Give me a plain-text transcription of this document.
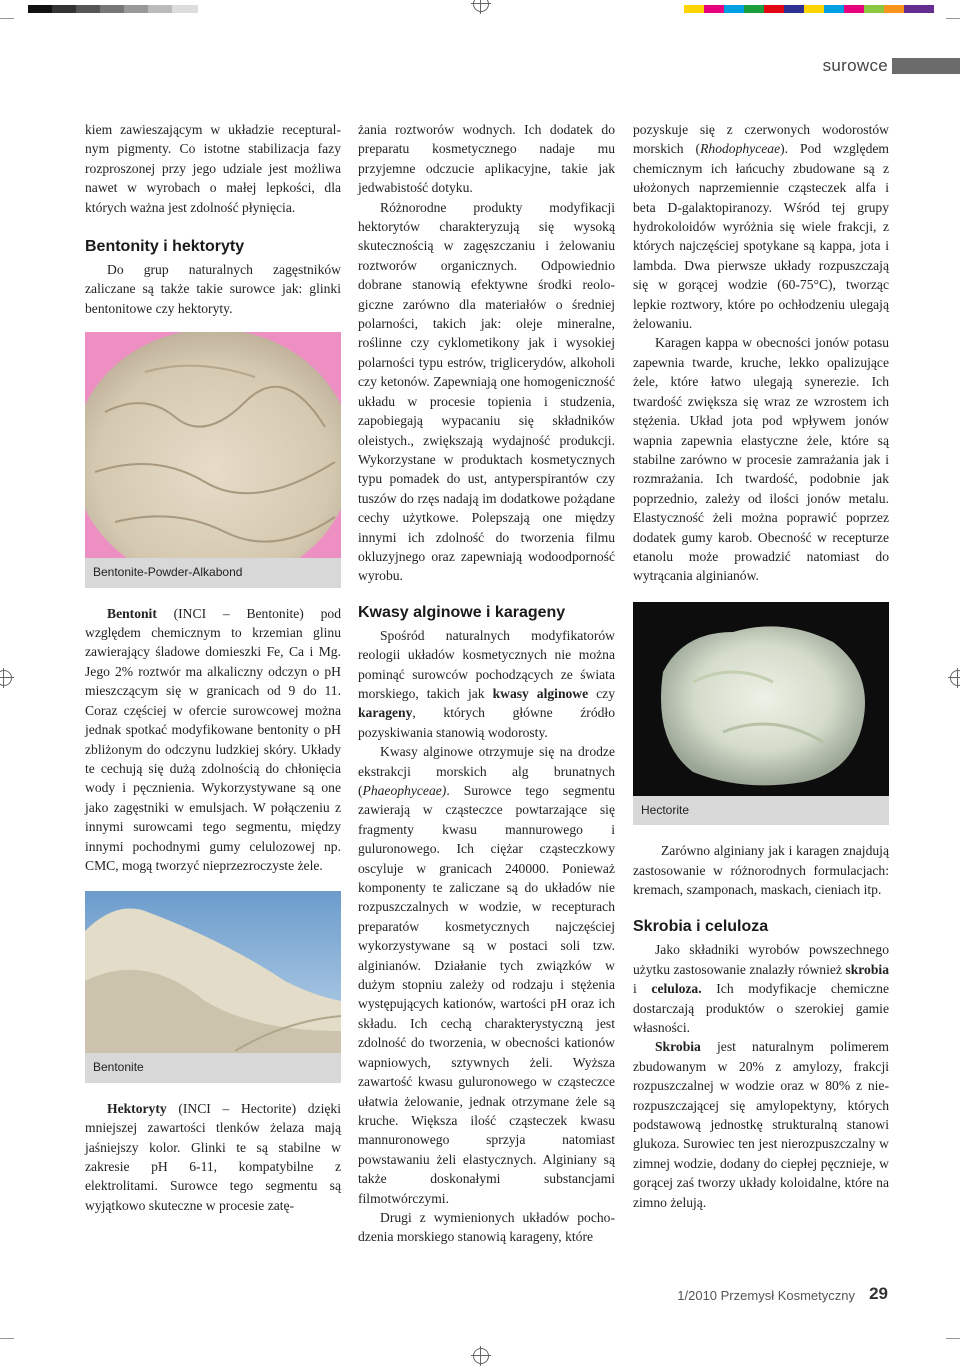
surowce

kiem zawieszającym w układzie recepturalnym pigmenty. Co istotne stabilizacja fazy rozproszonej przy jego udziale jest możliwa nawet w wyrobach o małej lepkości, dla których ważna jest zdolność płynięcia.

Bentonity i hektoryty

Do grup naturalnych zagęstników zaliczane są także takie surowce jak: glinki bentonitowe czy hektoryty.

Bentonite-Powder-Alkabond

Bentonit (INCI – Bentonite) pod względem chemicznym to krzemian glinu zawierający śladowe domieszki Fe, Ca i Mg. Jego 2% roztwór ma alkaliczny odczyn o pH mieszczącym się w granicach od 9 do 11. Coraz częściej w ofercie surowcowej można jednak spotkać modyfikowane bentonity o pH zbliżonym do odczynu ludzkiej skóry. Układy te cechują się dużą zdolnością do chłonięcia wody i pęcznienia. Wykorzystywane są one jako zagęstniki w emulsjach. W połączeniu z innymi surowcami tego segmentu, między innymi pochodnymi gumy celulozowej np. CMC, mogą tworzyć nieprzezroczyste żele.

Bentonite

Hektoryty (INCI – Hectorite) dzięki mniejszej zawartości tlenków żelaza mają jaśniejszy kolor. Glinki te są stabilne w zakresie pH 6-11, kompatybilne z elektrolitami. Surowce tego segmentu są wyjątkowo skuteczne w procesie zatę-

żania roztworów wodnych. Ich dodatek do preparatu kosmetycznego nadaje mu przyjemne odczucie aplikacyjne, takie jak jedwabistość dotyku.

Różnorodne produkty modyfikacji hektorytów charakteryzują się wysoką skutecznością w zagęszczaniu i żelowaniu roztworów organicznych. Odpowiednio dobrane stanowią efektywne środki reologiczne zarówno dla materiałów o średniej polarności, takich jak: oleje mineralne, roślinne czy cyklometikony jak i wysokiej polarności typu estrów, triglicerydów, alkoholi czy ketonów. Zapewniają one homogeniczność układu w procesie topienia i studzenia, zapobiegają wypacaniu się składników oleistych., zwiększają wydajność produkcji. Wykorzystane w produktach kosmetycznych typu pomadek do ust, antyperspirantów czy tuszów do rzęs nadają im dodatkowe pożądane cechy użytkowe. Polepszają one między innymi ich zdolność do tworzenia filmu okluzyjnego oraz zapewniają wodoodporność wyrobu.

Kwasy alginowe i karageny

Spośród naturalnych modyfikatorów reologii układów kosmetycznych nie można pominąć surowców pochodzących ze świata morskiego, takich jak kwasy alginowe czy karageny, których główne źródło pozyskiwania stanowią wodorosty.

Kwasy alginowe otrzymuje się na drodze ekstrakcji morskich alg brunatnych (Phaeophyceae). Surowce tego segmentu zawierają w cząsteczce powtarzające się fragmenty kwasu mannurowego i guluronowego. Ich ciężar cząsteczkowy oscyluje w granicach 240000. Ponieważ komponenty te zaliczane są do układów nie rozpuszczalnych w wodzie, w recepturach preparatów kosmetycznych najczęściej wykorzystywane są w postaci soli tzw. alginianów. Działanie tych związków w dużym stopniu zależy od rodzaju i stężenia występujących kationów, wartości pH oraz ich składu. Ich cechą charakterystyczną jest zdolność do tworzenia, w obecności kationów wapniowych, sztywnych żeli. Wyższa zawartość kwasu guluronowego w cząsteczce ułatwia żelowanie, jednak otrzymane żele są kruche. Większa ilość cząsteczek kwasu mannuronowego sprzyja natomiast powstawaniu żeli elastycznych. Alginiany są także doskonałymi substancjami filmotwórczymi.

Drugi z wymienionych układów pochodzenia morskiego stanowią karageny, które

pozyskuje się z czerwonych wodorostów morskich (Rhodophyceae). Pod względem chemicznym ich łańcuchy zbudowane są z ułożonych naprzemiennie cząsteczek alfa i beta D-galaktopiranozy. Wśród tej grupy hydrokoloidów wyróżnia się wiele frakcji, z których najczęściej spotykane są kappa, jota i lambda. Dwa pierwsze układy rozpuszczają się w gorącej wodzie (60-75°C), tworząc lepkie roztwory, które po ochłodzeniu ulegają żelowaniu.

Karagen kappa w obecności jonów potasu zapewnia twarde, kruche, lekko opalizujące żele, które łatwo ulegają synerezie. Ich twardość zwiększa się wraz ze wzrostem ich stężenia. Układ jota pod wpływem jonów wapnia zapewnia elastyczne żele, które są stabilne zarówno w procesie zamrażania jak i rozmrażania. Ich twardość, podobnie jak poprzednio, zależy od ilości jonów metalu. Elastyczność żeli można poprawić poprzez dodatek gumy karob. Obecność w recepturze etanolu może prowadzić natomiast do wytrącania alginianów.

Hectorite

Zarówno alginiany jak i karagen znajdują zastosowanie w różnorodnych formulacjach: kremach, szamponach, maskach, cieniach itp.

Skrobia i celuloza

Jako składniki wyrobów powszechnego użytku zastosowanie znalazły również skrobia i celuloza. Ich modyfikacje chemiczne dostarczają produktów o szerokiej gamie własności.

Skrobia jest naturalnym polimerem zbudowanym w 20% z amylozy, frakcji rozpuszczalnej w wodzie oraz w 80% z nierozpuszczającej się amylopektyny, których podstawową jednostkę strukturalną stanowi glukoza. Surowiec ten jest nierozpuszczalny w zimnej wodzie, dodany do ciepłej pęcznieje, w gorącej zaś tworzy układy koloidalne, które na zimno żelują.

1/2010 Przemysł Kosmetyczny 29
